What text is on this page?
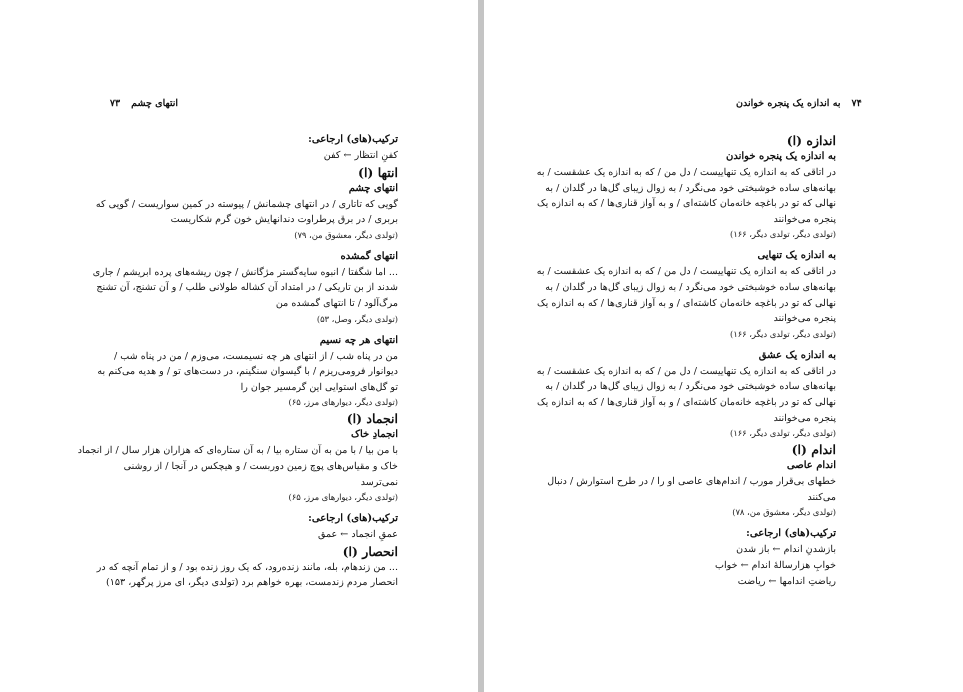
انتهای چشم ۷۳
ترکیب(های) ارجاعی:
کفنِ انتظار ← کفن
انتها (ا)
انتهای چشم
گویی که تاتاری / در انتهای چشمانش / پیوسته در کمین سواریست / گویی که
بربری / در برق پرطراوت دندانهایش خون گرم شکاریست
(تولدی دیگر، معشوق من، ۷۹)
انتهای گمشده
... اما شگفتا / انبوه سایه‌گستر مژگانش / چون ریشه‌های پرده ابریشم / جاری
شدند از بن تاریکی / در امتداد آن کشاله طولانی طلب / و آن تشنج، آن تشنج
مرگ‌آلود / تا انتهای گمشده من
(تولدی دیگر، وصل، ۵۳)
انتهای هر چه نسیم
من در پناه شب / از انتهای هر چه نسیمست، می‌وزم / من در پناه شب /
دیوانوار فرومی‌ریزم / با گیسوان سنگینم، در دست‌های تو / و هدیه می‌کنم به
تو گل‌های استوایی این گرمسیر جوان را
(تولدی دیگر، دیوارهای مرز، ۶۵)
انجماد (ا)
انجمادِ خاک
با من بیا / با من به آن ستاره بیا / به آن ستاره‌ای که هزاران هزار سال / از انجماد
خاک و مقیاس‌های پوچ زمین دوربست / و هیچکس در آنجا / از روشنی
نمی‌ترسد
(تولدی دیگر، دیوارهای مرز، ۶۵)
ترکیب(های) ارجاعی:
عمقِ انجماد ← عمق
انحصار (ا)
... من زندهام، بله، مانند زنده‌رود، که یک روز زنده بود / و از تمام آنچه که در
انحصار مردم زندمست، بهره خواهم برد (تولدی دیگر، ای مرز پرگهر، ۱۵۳)
۷۴ به اندازه یک پنجره خواندن
اندازه (ا)
به اندازه یک پنجره خواندن
در اتاقی که به اندازه یک تنهاییست / دل من / که به اندازه یک عشقست / به
بهانه‌های ساده خوشبختی خود می‌نگرد / به زوال زیبای گل‌ها در گلدان / به
نهالی که تو در باغچه خانه‌مان کاشته‌ای / و به آواز قناری‌ها / که به اندازه یک
پنجره می‌خوانند
(تولدی دیگر، تولدی دیگر، ۱۶۶)
به اندازه یک تنهایی
در اتاقی که به اندازه یک تنهاییست / دل من / که به اندازه یک عشقست / به
بهانه‌های ساده خوشبختی خود می‌نگرد / به زوال زیبای گل‌ها در گلدان / به
نهالی که تو در باغچه خانه‌مان کاشته‌ای / و به آواز قناری‌ها / که به اندازه یک
پنجره می‌خوانند
(تولدی دیگر، تولدی دیگر، ۱۶۶)
به اندازه یک عشق
در اتاقی که به اندازه یک تنهاییست / دل من / که به اندازه یک عشقست / به
بهانه‌های ساده خوشبختی خود می‌نگرد / به زوال زیبای گل‌ها در گلدان / به
نهالی که تو در باغچه خانه‌مان کاشته‌ای / و به آواز قناری‌ها / که به اندازه یک
پنجره می‌خوانند
(تولدی دیگر، تولدی دیگر، ۱۶۶)
اندام (ا)
اندام عاصی
خطهای بی‌قرار مورب / اندام‌های عاصی او را / در طرح استوارش / دنبال
می‌کنند
(تولدی دیگر، معشوق من، ۷۸)
ترکیب(های) ارجاعی:
بازشدنِ اندام ← باز شدن
خوابِ هزارسالهٔ اندام ← خواب
ریاضتِ اندامها ← ریاضت
